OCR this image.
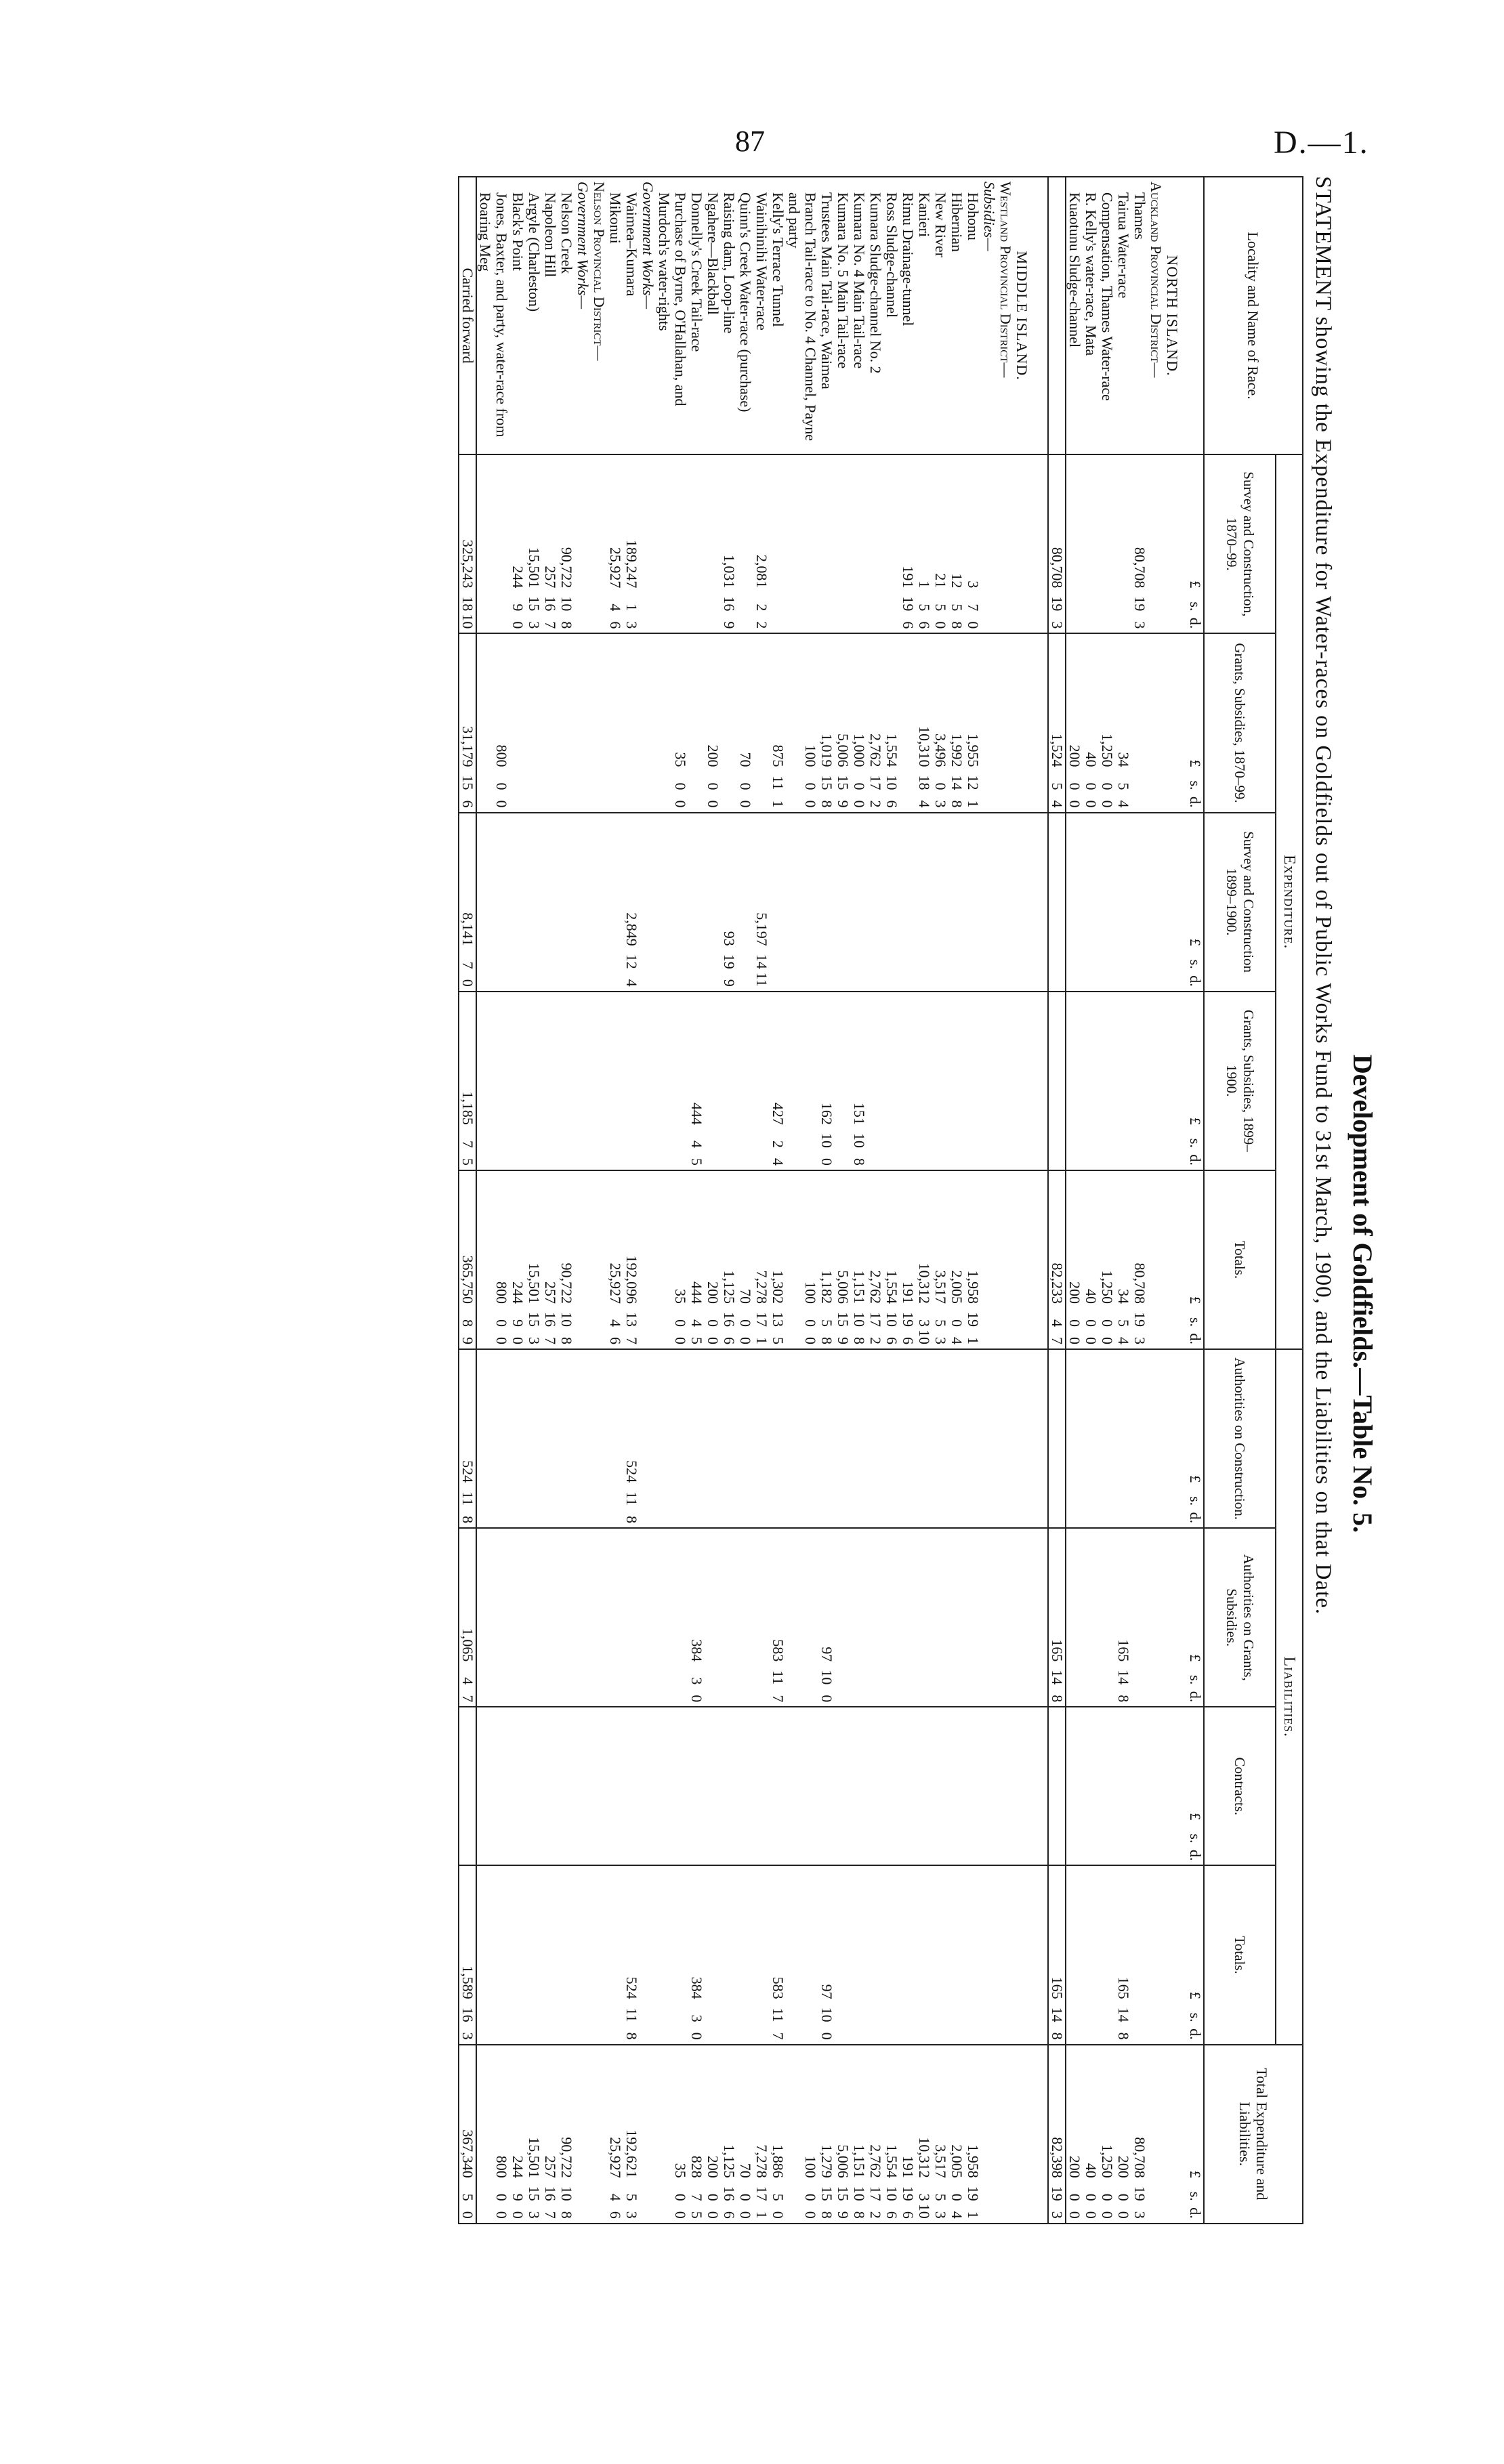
87	D.—1.
Development of Goldfields.—Table No. 5.
STATEMENT showing the Expenditure for Water-races on Goldfields out of Public Works Fund to 31st March, 1900, and the Liabilities on that Date.
Locality and Name of Race.	Expenditure.					Liabilities.				Total Expenditure and Liabilities.
	Survey and Construction, 1870–99.	Grants, Subsidies, 1870–99.	Survey and Construction 1899–1900.	Grants, Subsidies, 1899–1900.	Totals.	Authorities on Construction.	Authorities on Grants, Subsidies.	Contracts.	Totals.	
	£s.d.	£s.d.	£s.d.	£s.d.	£s.d.	£s.d.	£s.d.	£s.d.	£s.d.	£s.d.
NORTH ISLAND.										
Auckland Provincial District—										
Thames	80,708193				80,708193					80,708193
Tairua Water-race		3454			3454		165148		165148	20000
Compensation, Thames Water-race		1,25000			1,25000					1,25000
R. Kelly's water-race, Mata		4000			4000					4000
Kuaotunu Sludge-channel		20000			20000					20000
	80,708193	1,52454			82,23347		165148		165148	82,398193

MIDDLE ISLAND.										
Westland Provincial District—										
Subsidies—										
Hohonu	370	1,955121			1,958191					1,958191
Hibernian	1258	1,992148			2,00504					2,00504
New River	2150	3,49603			3,51753					3,51753
Kanieri	156	10,310184			10,312310					10,312310
Rimu Drainage-tunnel	191196				191196					191196
Ross Sludge-channel		1,554106			1,554106					1,554106
Kumara Sludge-channel No. 2		2,762172			2,762172					2,762172
Kumara No. 4 Main Tail-race		1,00000		151108	1,151108					1,151108
Kumara No. 5 Main Tail-race		5,006159			5,006159					5,006159
Trustees Main Tail-race, Waimea		1,019158		162100	1,18258		97100		97100	1,279158
Branch Tail-race to No. 4 Channel, Payne and party		10000			10000					10000
Kelly's Terrace Tunnel		875111		42724	1,302135		583117		583117	1,88650
Wainihinihi Water-race	2,08122		5,1971411		7,278171					7,278171
Quinn's Creek Water-race (purchase)		7000			7000					7000
Raising dam, Loop-line	1,031169		93199		1,125166					1,125166
Ngahere—Blackball		20000			20000					20000
Donnelly's Creek Tail-race				44445	44445		38430		38430	82875
Purchase of Byrne, O'Hallahan, and Murdoch's water-rights		3500			3500					3500
Government Works—										
Waimea–Kumara	189,24713		2,849124		192,096137	524118			524118	192,62153
Mikonui	25,92746				25,92746					25,92746
Nelson Provincial District—										
Government Works—										
Nelson Creek	90,722108				90,722108					90,722108
Napoleon Hill	257167				257167					257167
Argyle (Charleston)	15,501153				15,501153					15,501153
Black's Point	24490				24490					24490
Jones, Baxter, and party, water-race from Roaring Meg		80000			80000					80000
Carried forward	325,2431810	31,179156	8,14170	1,18575	365,75089	524118	1,06547		1,589163	367,34050
